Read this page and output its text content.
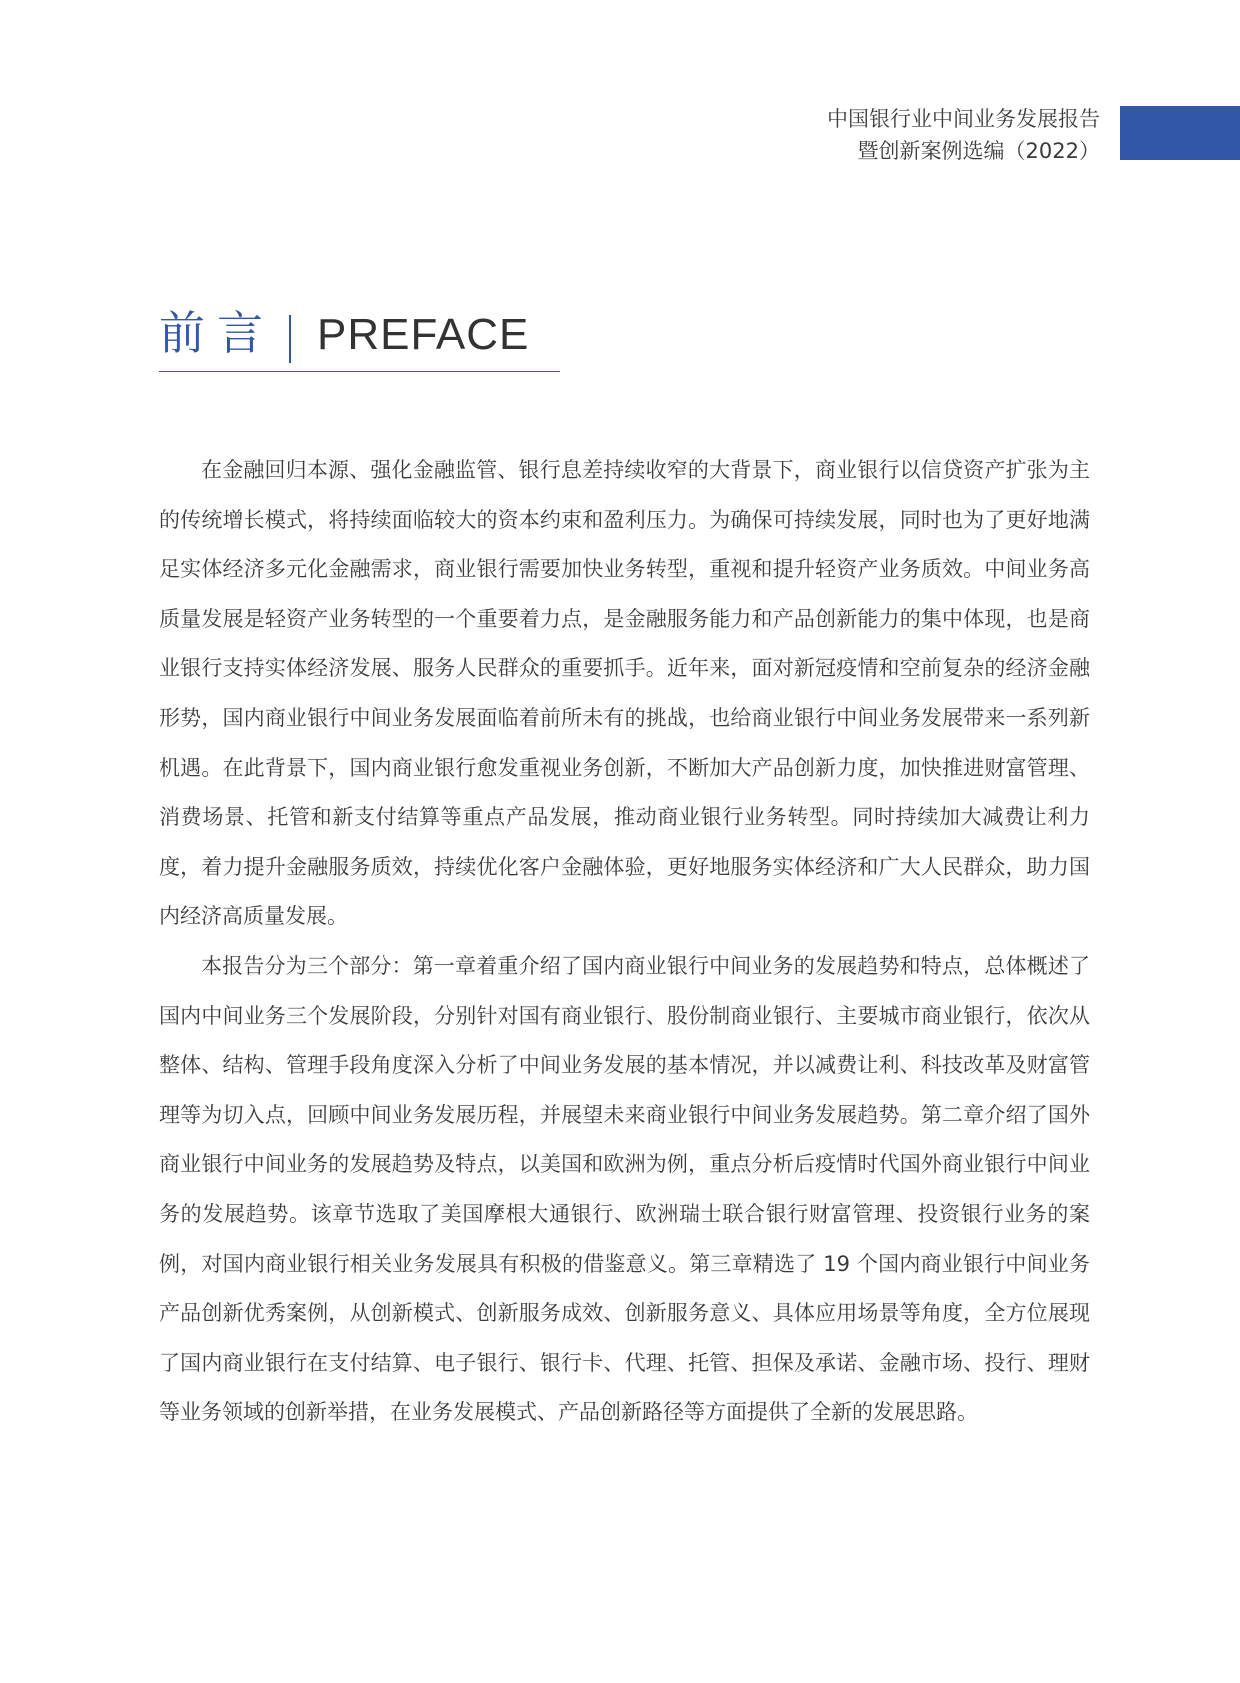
中国银行业中间业务发展报告
暨创新案例选编（2022）
前言 PREFACE

在金融回归本源、强化金融监管、银行息差持续收窄的大背景下，商业银行以信贷资产扩张为主的传统增长模式，将持续面临较大的资本约束和盈利压力。为确保可持续发展，同时也为了更好地满足实体经济多元化金融需求，商业银行需要加快业务转型，重视和提升轻资产业务质效。中间业务高质量发展是轻资产业务转型的一个重要着力点，是金融服务能力和产品创新能力的集中体现，也是商业银行支持实体经济发展、服务人民群众的重要抓手。近年来，面对新冠疫情和空前复杂的经济金融形势，国内商业银行中间业务发展面临着前所未有的挑战，也给商业银行中间业务发展带来一系列新机遇。在此背景下，国内商业银行愈发重视业务创新，不断加大产品创新力度，加快推进财富管理、消费场景、托管和新支付结算等重点产品发展，推动商业银行业务转型。同时持续加大减费让利力度，着力提升金融服务质效，持续优化客户金融体验，更好地服务实体经济和广大人民群众，助力国内经济高质量发展。

本报告分为三个部分：第一章着重介绍了国内商业银行中间业务的发展趋势和特点，总体概述了国内中间业务三个发展阶段，分别针对国有商业银行、股份制商业银行、主要城市商业银行，依次从整体、结构、管理手段角度深入分析了中间业务发展的基本情况，并以减费让利、科技改革及财富管理等为切入点，回顾中间业务发展历程，并展望未来商业银行中间业务发展趋势。第二章介绍了国外商业银行中间业务的发展趋势及特点，以美国和欧洲为例，重点分析后疫情时代国外商业银行中间业务的发展趋势。该章节选取了美国摩根大通银行、欧洲瑞士联合银行财富管理、投资银行业务的案例，对国内商业银行相关业务发展具有积极的借鉴意义。第三章精选了 19 个国内商业银行中间业务产品创新优秀案例，从创新模式、创新服务成效、创新服务意义、具体应用场景等角度，全方位展现了国内商业银行在支付结算、电子银行、银行卡、代理、托管、担保及承诺、金融市场、投行、理财等业务领域的创新举措，在业务发展模式、产品创新路径等方面提供了全新的发展思路。
